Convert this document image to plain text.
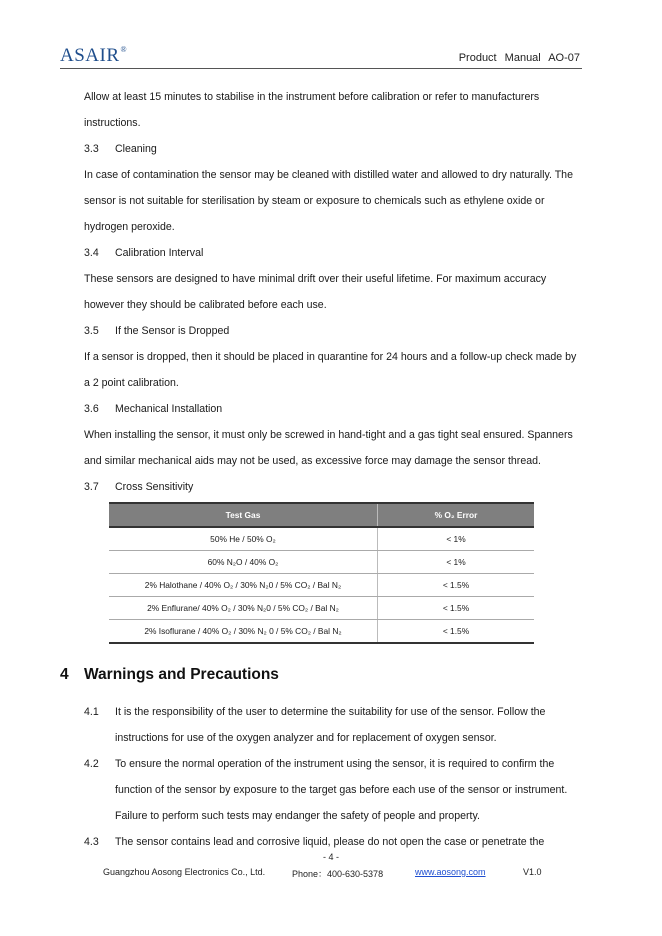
ASAIR®
Product Manual AO-07

Allow at least 15 minutes to stabilise in the instrument before calibration or refer to manufacturers instructions.

3.3 Cleaning

In case of contamination the sensor may be cleaned with distilled water and allowed to dry naturally. The sensor is not suitable for sterilisation by steam or exposure to chemicals such as ethylene oxide or hydrogen peroxide.

3.4 Calibration Interval

These sensors are designed to have minimal drift over their useful lifetime. For maximum accuracy however they should be calibrated before each use.

3.5 If the Sensor is Dropped

If a sensor is dropped, then it should be placed in quarantine for 24 hours and a follow-up check made by a 2 point calibration.

3.6 Mechanical Installation

When installing the sensor, it must only be screwed in hand-tight and a gas tight seal ensured. Spanners and similar mechanical aids may not be used, as excessive force may damage the sensor thread.

3.7 Cross Sensitivity

Test Gas	% O₂ Error
50% He / 50% O₂	< 1%
60% N₂O / 40% O₂	< 1%
2% Halothane / 40% O₂ / 30% N₂0 / 5% CO₂ / Bal N₂	< 1.5%
2% Enflurane/ 40% O₂ / 30% N₂0 / 5% CO₂ / Bal N₂	< 1.5%
2% Isoflurane / 40% O₂ / 30% N₂ 0 / 5% CO₂ / Bal N₂	< 1.5%
4 Warnings and Precautions
4.1 It is the responsibility of the user to determine the suitability for use of the sensor. Follow the instructions for use of the oxygen analyzer and for replacement of oxygen sensor.

4.2 To ensure the normal operation of the instrument using the sensor, it is required to confirm the function of the sensor by exposure to the target gas before each use of the sensor or instrument. Failure to perform such tests may endanger the safety of people and property.

4.3 The sensor contains lead and corrosive liquid, please do not open the case or penetrate the

- 4 -
Guangzhou Aosong Electronics Co., Ltd.	Phone：400-630-5378	www.aosong.com	V1.0
